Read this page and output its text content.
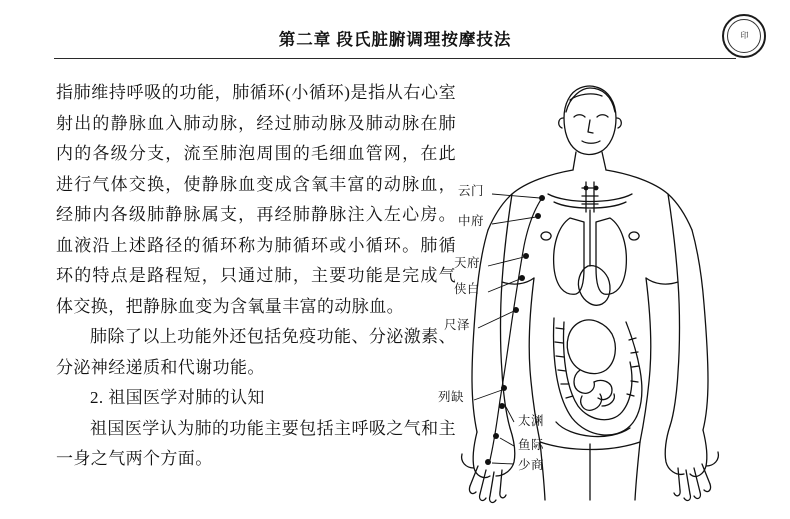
第二章 段氏脏腑调理按摩技法	印

指肺维持呼吸的功能，肺循环(小循环)是指从右心室射出的静脉血入肺动脉，经过肺动脉及肺动脉在肺内的各级分支，流至肺泡周围的毛细血管网，在此进行气体交换，使静脉血变成含氧丰富的动脉血，经肺内各级肺静脉属支，再经肺静脉注入左心房。血液沿上述路径的循环称为肺循环或小循环。肺循环的特点是路程短，只通过肺，主要功能是完成气体交换，把静脉血变为含氧量丰富的动脉血。

肺除了以上功能外还包括免疫功能、分泌激素、分泌神经递质和代谢功能。

2. 祖国医学对肺的认知

祖国医学认为肺的功能主要包括主呼吸之气和主一身之气两个方面。

云门
中府
天府
侠白
尺泽
列缺
太渊
鱼际
少商
